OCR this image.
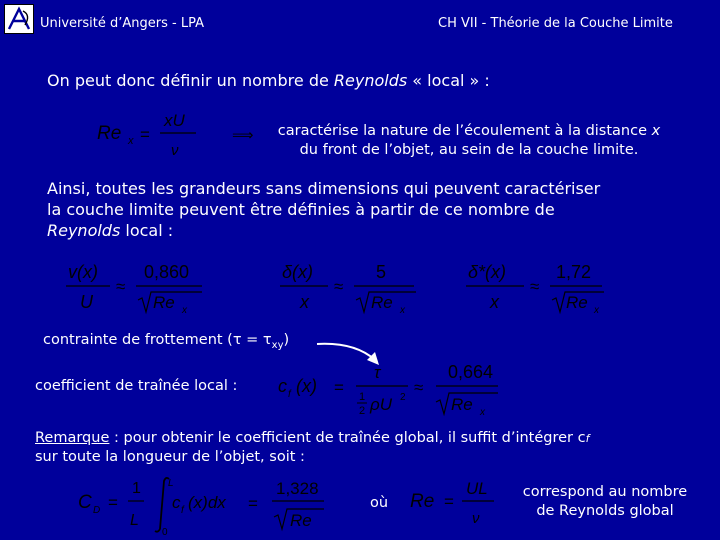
Université d’Angers - LPA	CH VII - Théorie de la Couche Limite
On peut donc définir un nombre de Reynolds « local » :
Re x =
xU
ν
⟹	caractérise la nature de l’écoulement à la distance x
du front de l’objet, au sein de la couche limite.
Ainsi, toutes les grandeurs sans dimensions qui peuvent caractériser
la couche limite peuvent être définies à partir de ce nombre de
Reynolds local :
v(x)
U
≈
0,860
Re x
δ(x)
x
≈
5
Re x
δ*(x)
x
≈
1,72
Re x
contrainte de frottement $(\tau = \tau_{xy})$
coefficient de traînée local : c f (x) =
τ
1
2 ρU 2
≈
0,664
Re x
Remarque : pour obtenir le coefficient de traînée global, il suffit d’intégrer cf
sur toute la longueur de l’objet, soit :
C D =
1
L
L
0
c f (x)dx =
1,328
Re
où Re =
UL
ν
correspond au nombre
de Reynolds global
